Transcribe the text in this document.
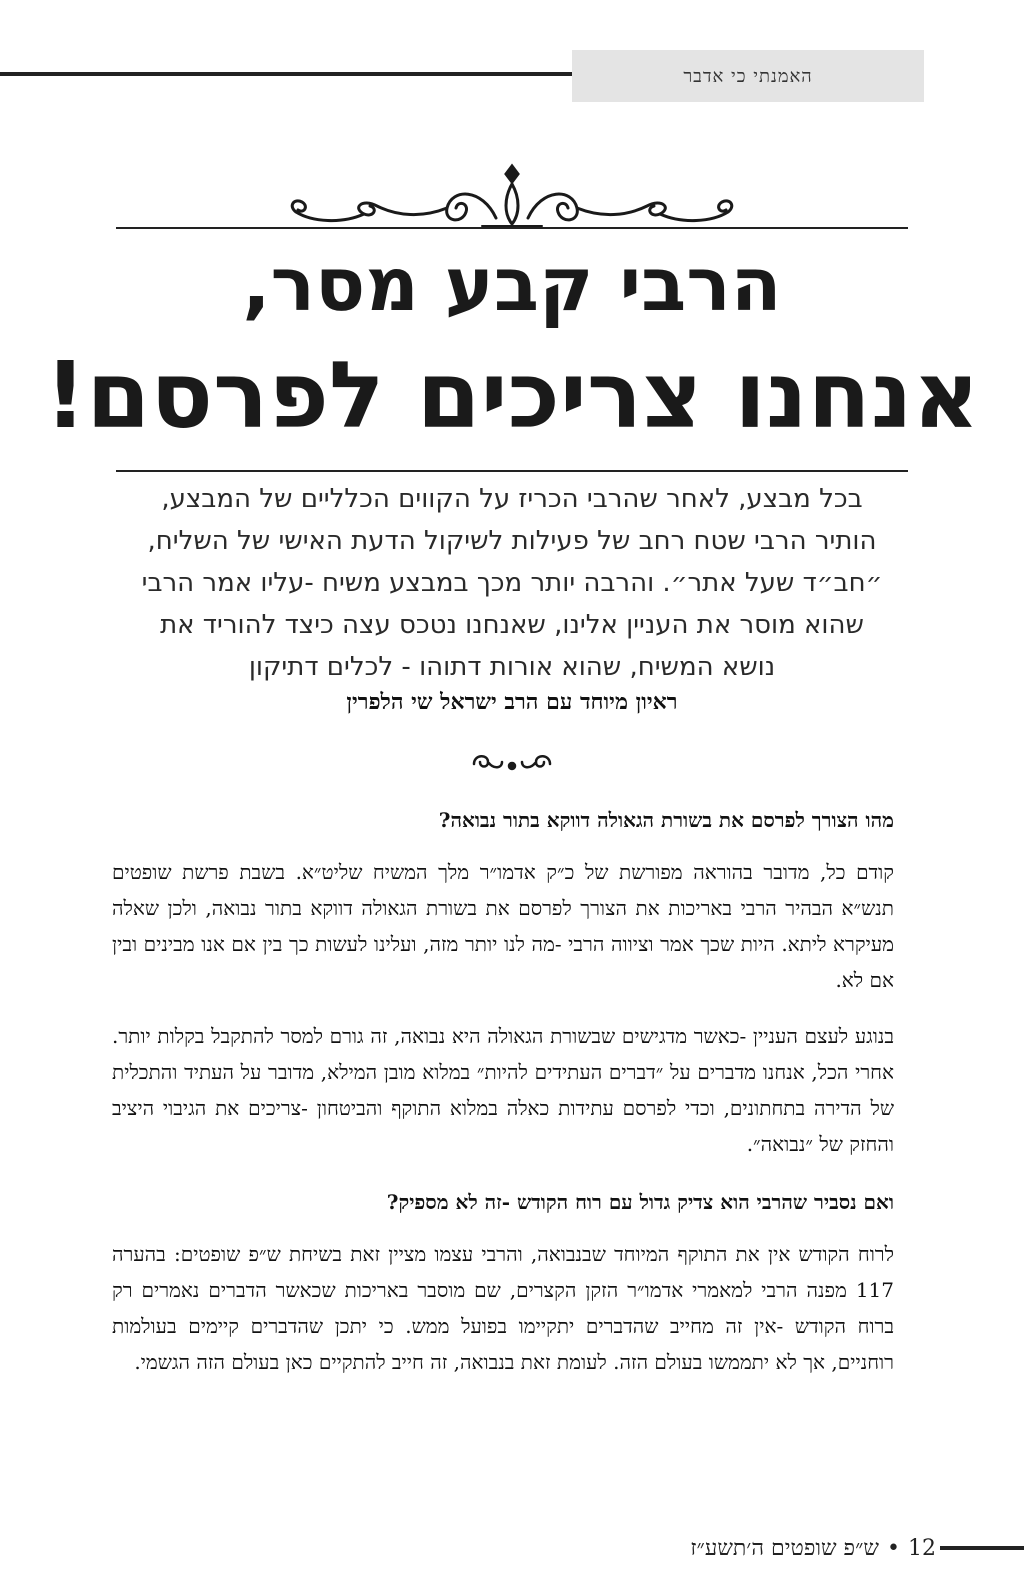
האמנתי כי אדבר
הרבי קבע מסר,
אנחנו צריכים לפרסם!

בכל מבצע, לאחר שהרבי הכריז על הקווים הכלליים של המבצע,

הותיר הרבי שטח רחב של פעילות לשיקול הדעת האישי של השליח,

״חב״ד שעל אתר״. והרבה יותר מכך במבצע משיח -עליו אמר הרבי

שהוא מוסר את העניין אלינו, שאנחנו נטכס עצה כיצד להוריד את

נושא המשיח, שהוא אורות דתוהו - לכלים דתיקון

ראיון מיוחד עם הרב ישראל שי הלפרין

מהו הצורך לפרסם את בשורת הגאולה דווקא בתור נבואה?

קודם כל, מדובר בהוראה מפורשת של כ״ק אדמו״ר מלך המשיח שליט״א. בשבת פרשת שופטים תנש״א הבהיר הרבי באריכות את הצורך לפרסם את בשורת הגאולה דווקא בתור נבואה, ולכן שאלה מעיקרא ליתא. היות שכך אמר וציווה הרבי -מה לנו יותר מזה, ועלינו לעשות כך בין אם אנו מבינים ובין אם לא.

בנוגע לעצם העניין -כאשר מדגישים שבשורת הגאולה היא נבואה, זה גורם למסר להתקבל בקלות יותר. אחרי הכל, אנחנו מדברים על ״דברים העתידים להיות״ במלוא מובן המילא, מדובר על העתיד והתכלית של הדירה בתחתונים, וכדי לפרסם עתידות כאלה במלוא התוקף והביטחון -צריכים את הגיבוי היציב והחזק של ״נבואה״.

ואם נסביר שהרבי הוא צדיק גדול עם רוח הקודש -זה לא מספיק?

לרוח הקודש אין את התוקף המיוחד שבנבואה, והרבי עצמו מציין זאת בשיחת ש״פ שופטים: בהערה 117 מפנה הרבי למאמרי אדמו״ר הזקן הקצרים, שם מוסבר באריכות שכאשר הדברים נאמרים רק ברוח הקודש -אין זה מחייב שהדברים יתקיימו בפועל ממש. כי יתכן שהדברים קיימים בעולמות רוחניים, אך לא יתממשו בעולם הזה. לעומת זאת בנבואה, זה חייב להתקיים כאן בעולם הזה הגשמי.

12
•
ש״פ שופטים ה׳תשע״ז
